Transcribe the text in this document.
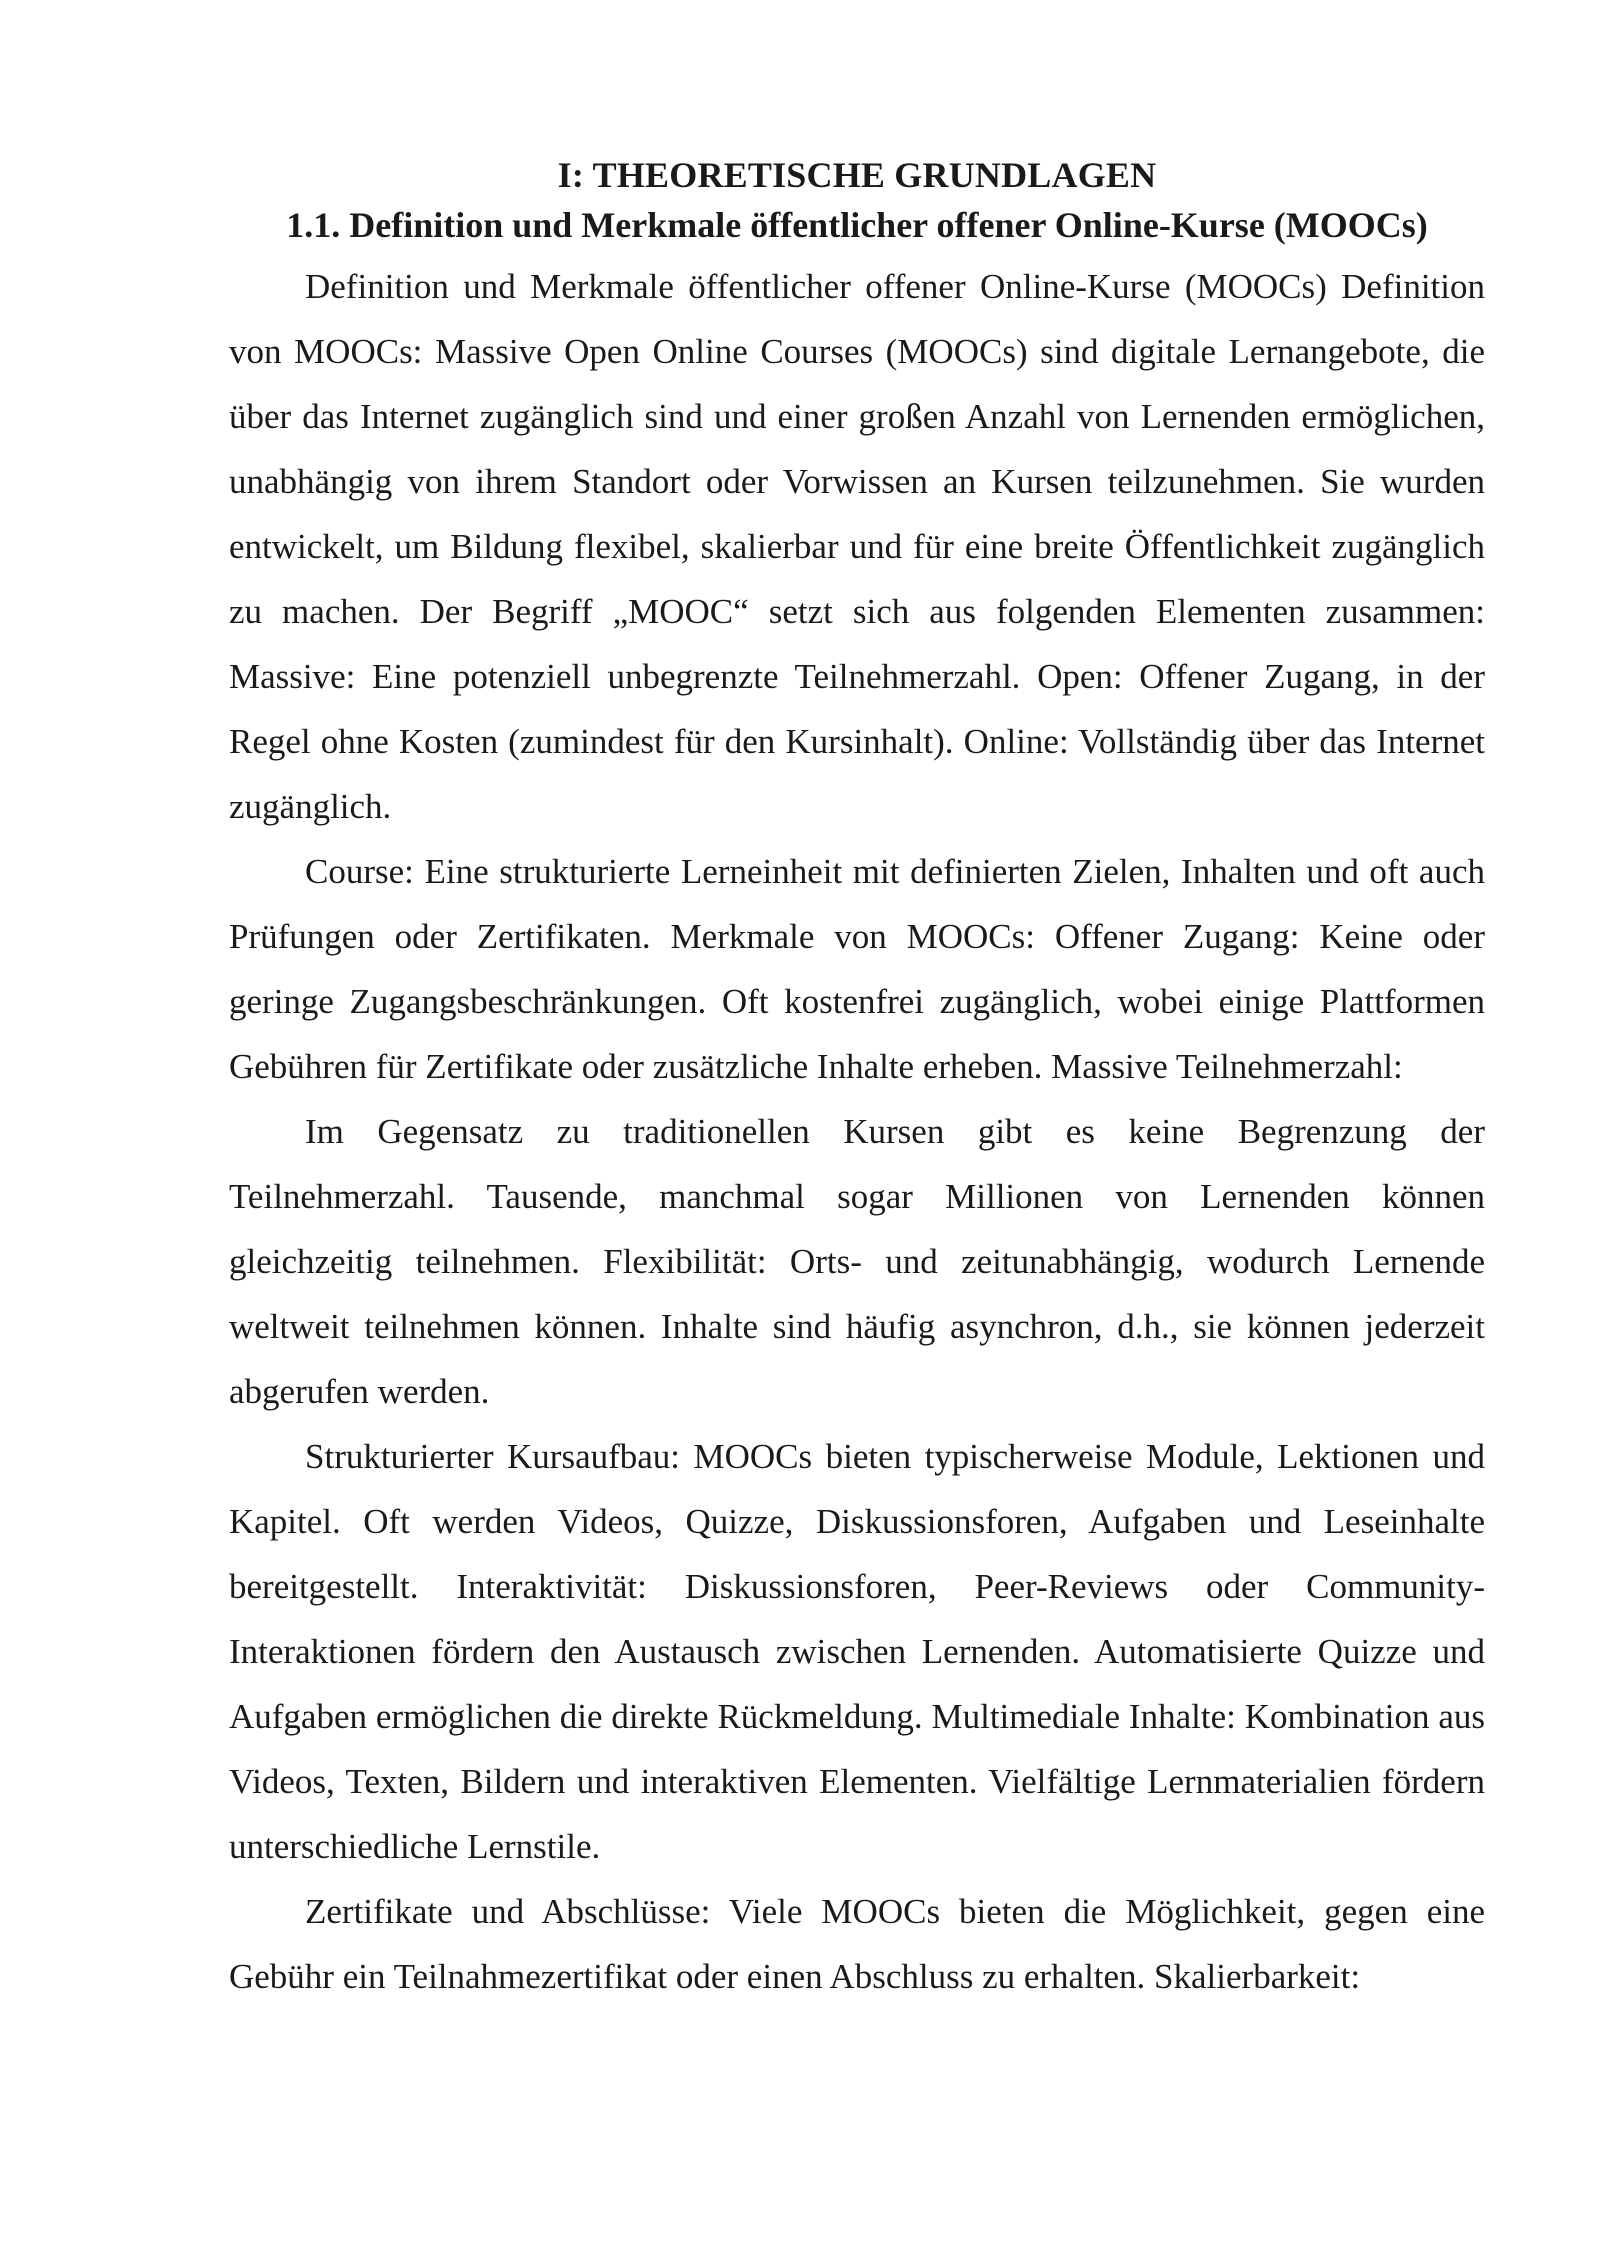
I: THEORETISCHE GRUNDLAGEN
1.1. Definition und Merkmale öffentlicher offener Online-Kurse (MOOCs)

Definition und Merkmale öffentlicher offener Online-Kurse (MOOCs) Definition von MOOCs: Massive Open Online Courses (MOOCs) sind digitale Lernangebote, die über das Internet zugänglich sind und einer großen Anzahl von Lernenden ermöglichen, unabhängig von ihrem Standort oder Vorwissen an Kursen teilzunehmen. Sie wurden entwickelt, um Bildung flexibel, skalierbar und für eine breite Öffentlichkeit zugänglich zu machen. Der Begriff „MOOC“ setzt sich aus folgenden Elementen zusammen: Massive: Eine potenziell unbegrenzte Teilnehmerzahl. Open: Offener Zugang, in der Regel ohne Kosten (zumindest für den Kursinhalt). Online: Vollständig über das Internet zugänglich.

Course: Eine strukturierte Lerneinheit mit definierten Zielen, Inhalten und oft auch Prüfungen oder Zertifikaten. Merkmale von MOOCs: Offener Zugang: Keine oder geringe Zugangsbeschränkungen. Oft kostenfrei zugänglich, wobei einige Plattformen Gebühren für Zertifikate oder zusätzliche Inhalte erheben. Massive Teilnehmerzahl:

Im Gegensatz zu traditionellen Kursen gibt es keine Begrenzung der Teilnehmerzahl. Tausende, manchmal sogar Millionen von Lernenden können gleichzeitig teilnehmen. Flexibilität: Orts- und zeitunabhängig, wodurch Lernende weltweit teilnehmen können. Inhalte sind häufig asynchron, d.h., sie können jederzeit abgerufen werden.

Strukturierter Kursaufbau: MOOCs bieten typischerweise Module, Lektionen und Kapitel. Oft werden Videos, Quizze, Diskussionsforen, Aufgaben und Leseinhalte bereitgestellt. Interaktivität: Diskussionsforen, Peer-Reviews oder Community-Interaktionen fördern den Austausch zwischen Lernenden. Automatisierte Quizze und Aufgaben ermöglichen die direkte Rückmeldung. Multimediale Inhalte: Kombination aus Videos, Texten, Bildern und interaktiven Elementen. Vielfältige Lernmaterialien fördern unterschiedliche Lernstile.

Zertifikate und Abschlüsse: Viele MOOCs bieten die Möglichkeit, gegen eine Gebühr ein Teilnahmezertifikat oder einen Abschluss zu erhalten. Skalierbarkeit:
